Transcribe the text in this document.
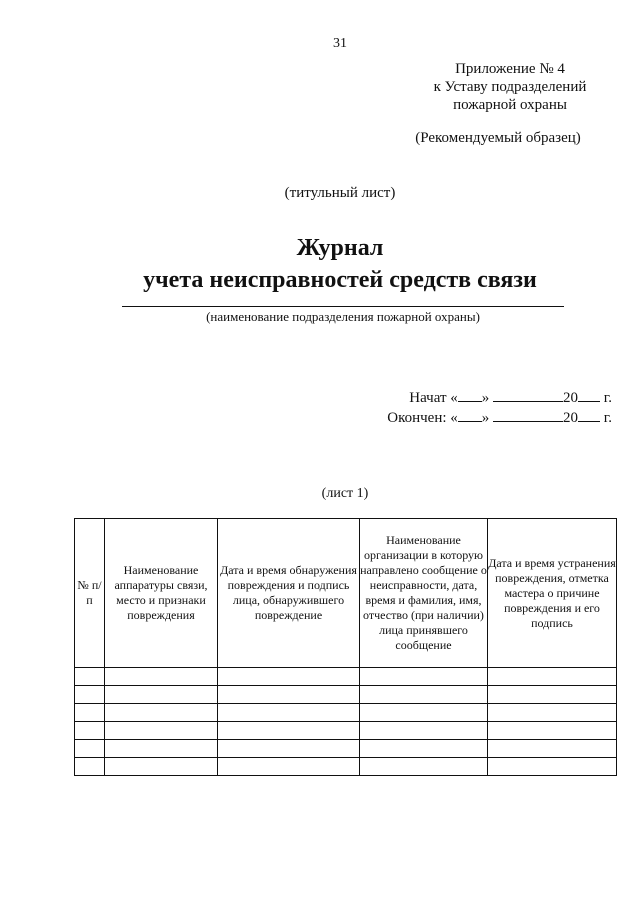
31
Приложение № 4
к Уставу подразделений
пожарной охраны
(Рекомендуемый образец)
(титульный лист)
Журнал
учета неисправностей средств связи
(наименование подразделения пожарной охраны)
Начат « »	20 г.
Окончен: « »	20 г.
(лист 1)
№ п/п	Наименование аппаратуры связи, место и признаки повреждения	Дата и время обнаружения повреждения и подпись лица, обнаружившего повреждение	Наименование организации в которую направлено сообщение о неисправности, дата, время и фамилия, имя, отчество (при наличии) лица принявшего сообщение	Дата и время устранения повреждения, отметка мастера о причине повреждения и его подпись
